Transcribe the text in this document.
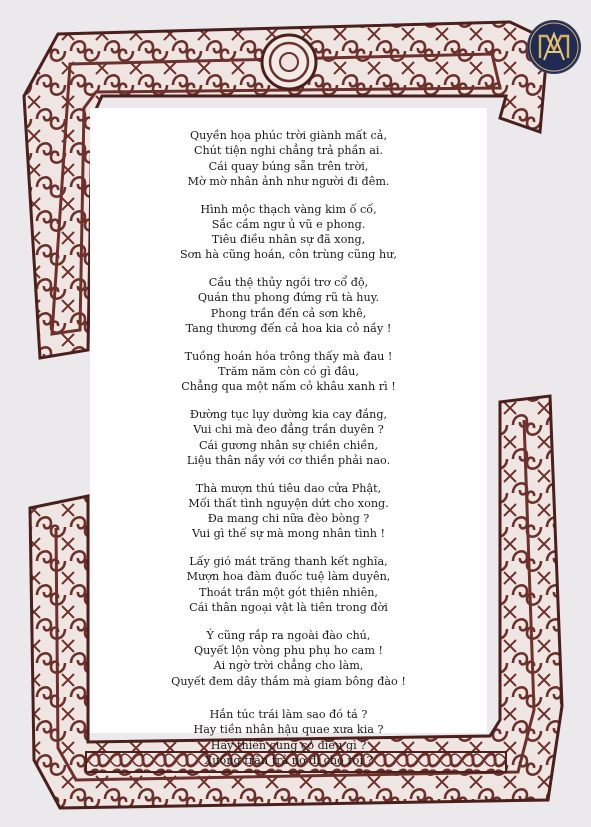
Quyền họa phúc trời giành mất cả,
Chút tiện nghi chẳng trả phần ai.
Cái quay búng sẵn trên trời,
Mờ mờ nhân ảnh như người đi đêm.
Hình mộc thạch vàng kim ố cố,
Sắc cầm ngư ủ vũ e phong.
Tiêu điều nhân sự đã xong,
Sơn hà cũng hoán, côn trùng cũng hư,
Cầu thệ thủy ngồi trơ cổ độ,
Quán thu phong đứng rũ tà huy.
Phong trần đến cả sơn khê,
Tang thương đến cả hoa kia cỏ nầy !
Tuồng hoán hóa trông thấy mà đau !
Trăm năm còn có gì đâu,
Chẳng qua một nấm cỏ khâu xanh rì !
Đường tục lụy dường kia cay đắng,
Vui chi mà đeo đẳng trần duyên ?
Cái gương nhân sự chiền chiền,
Liệu thân nầy với cơ thiền phải nao.
Thà mượn thú tiêu dao cửa Phật,
Mối thất tình nguyện dứt cho xong.
Đa mang chi nữa đèo bòng ?
Vui gì thế sự mà mong nhân tình !
Lấy gió mát trăng thanh kết nghĩa,
Mượn hoa đàm đuốc tuệ làm duyên,
Thoát trần một gót thiên nhiên,
Cái thân ngoại vật là tiên trong đời
Ý cũng rắp ra ngoài đào chú,
Quyết lộn vòng phu phụ ho cam !
Ai ngờ trời chẳng cho làm,
Quyết đem dây thắm mà giam bông đào !
Hắn túc trái làm sao đó tá ?
Hay tiền nhân hậu quae xưa kia ?
Hay thiên cung có điều gì ?
Xuống trần trả nợ đi cho rồi ?
